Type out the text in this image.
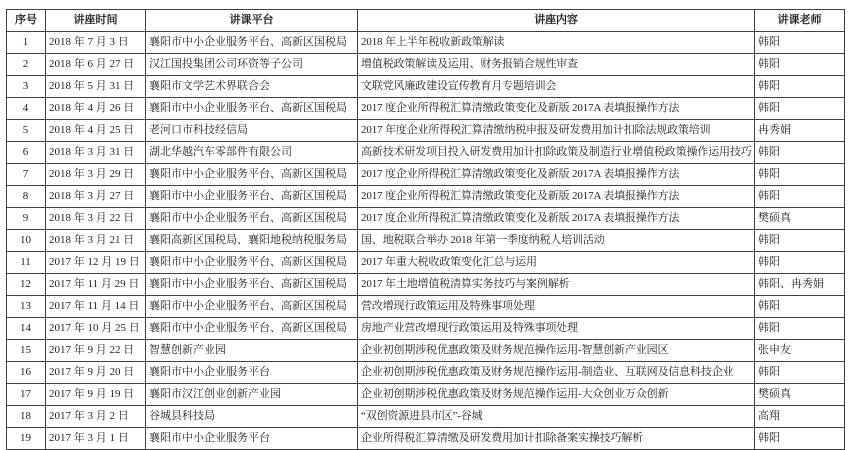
序号	讲座时间	讲课平台	讲座内容	讲课老师
1	2018 年 7 月 3 日	襄阳市中小企业服务平台、高新区国税局	2018 年上半年税收新政策解读	韩阳
2	2018 年 6 月 27 日	汉江国投集团公司环资等子公司	增值税政策解读及运用、财务报销合规性审查	韩阳
3	2018 年 5 月 31 日	襄阳市文学艺术界联合会	文联党风廉政建设宣传教育月专题培训会	韩阳
4	2018 年 4 月 26 日	襄阳市中小企业服务平台、高新区国税局	2017 度企业所得税汇算清缴政策变化及新版 2017A 表填报操作方法	韩阳
5	2018 年 4 月 25 日	老河口市科技经信局	2017 年度企业所得税汇算清缴纳税申报及研发费用加计扣除法规政策培训	冉秀娟
6	2018 年 3 月 31 日	湖北华越汽车零部件有限公司	高新技术研发项目投入研发费用加计扣除政策及制造行业增值税政策操作运用技巧	韩阳
7	2018 年 3 月 29 日	襄阳市中小企业服务平台、高新区国税局	2017 度企业所得税汇算清缴政策变化及新版 2017A 表填报操作方法	韩阳
8	2018 年 3 月 27 日	襄阳市中小企业服务平台、高新区国税局	2017 度企业所得税汇算清缴政策变化及新版 2017A 表填报操作方法	韩阳
9	2018 年 3 月 22 日	襄阳市中小企业服务平台、高新区国税局	2017 度企业所得税汇算清缴政策变化及新版 2017A 表填报操作方法	樊硕真
10	2018 年 3 月 21 日	襄阳高新区国税局、襄阳地税纳税服务局	国、地税联合举办 2018 年第一季度纳税人培训活动	韩阳
11	2017 年 12 月 19 日	襄阳市中小企业服务平台、高新区国税局	2017 年重大税收政策变化汇总与运用	韩阳
12	2017 年 11 月 29 日	襄阳市中小企业服务平台、高新区国税局	2017 年土地增值税清算实务技巧与案例解析	韩阳、冉秀娟
13	2017 年 11 月 14 日	襄阳市中小企业服务平台、高新区国税局	营改增现行政策运用及特殊事项处理	韩阳
14	2017 年 10 月 25 日	襄阳市中小企业服务平台、高新区国税局	房地产业营改增现行政策运用及特殊事项处理	韩阳
15	2017 年 9 月 22 日	智慧创新产业园	企业初创期涉税优惠政策及财务规范操作运用-智慧创新产业园区	张申友
16	2017 年 9 月 20 日	襄阳市中小企业服务平台	企业初创期涉税优惠政策及财务规范操作运用-制造业、互联网及信息科技企业	韩阳
17	2017 年 9 月 19 日	襄阳市汉江创业创新产业园	企业初创期涉税优惠政策及财务规范操作运用-大众创业万众创新	樊硕真
18	2017 年 3 月 2 日	谷城县科技局	“双创资源进县市区”-谷城	高翔
19	2017 年 3 月 1 日	襄阳市中小企业服务平台	企业所得税汇算清缴及研发费用加计扣除备案实操技巧解析	韩阳
